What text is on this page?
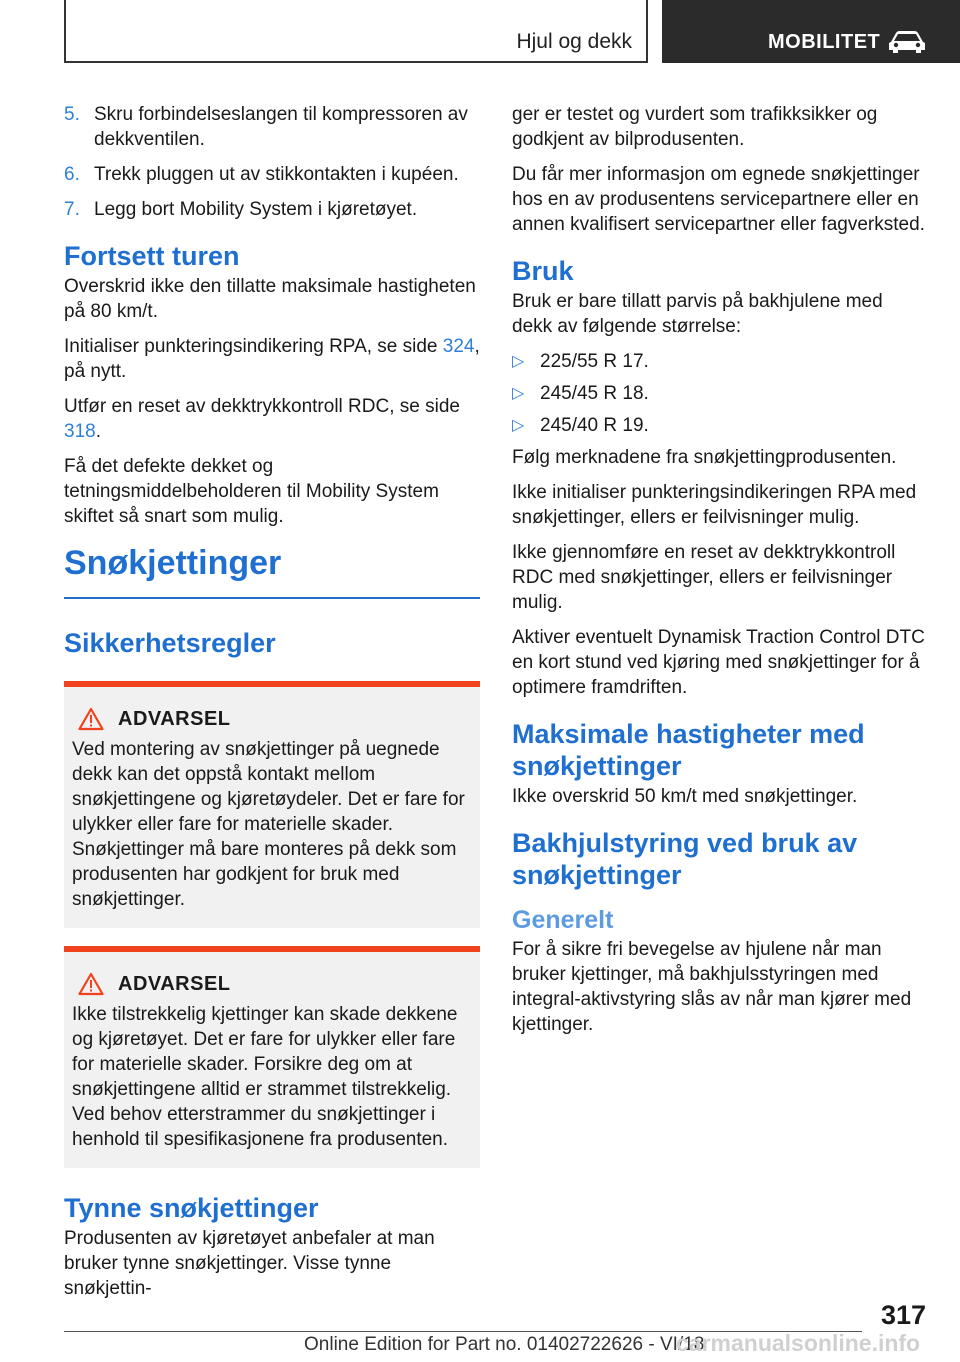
Hjul og dekk	MOBILITET
5. Skru forbindelseslangen til kompressoren av dekkventilen.
6. Trekk pluggen ut av stikkontakten i kupéen.
7. Legg bort Mobility System i kjøretøyet.
Fortsett turen

Overskrid ikke den tillatte maksimale hastigheten på 80 km/t.

Initialiser punkteringsindikering RPA, se side 324, på nytt.

Utfør en reset av dekktrykkontroll RDC, se side 318.

Få det defekte dekket og tetningsmiddelbeholderen til Mobility System skiftet så snart som mulig.

Snøkjettinger
Sikkerhetsregler
ADVARSEL
Ved montering av snøkjettinger på uegnede dekk kan det oppstå kontakt mellom snøkjettingene og kjøretøydeler. Det er fare for ulykker eller fare for materielle skader. Snøkjettinger må bare monteres på dekk som produsenten har godkjent for bruk med snøkjettinger.
ADVARSEL
Ikke tilstrekkelig kjettinger kan skade dekkene og kjøretøyet. Det er fare for ulykker eller fare for materielle skader. Forsikre deg om at snøkjettingene alltid er strammet tilstrekkelig. Ved behov etterstrammer du snøkjettinger i henhold til spesifikasjonene fra produsenten.
Tynne snøkjettinger

Produsenten av kjøretøyet anbefaler at man bruker tynne snøkjettinger. Visse tynne snøkjettin-

ger er testet og vurdert som trafikksikker og godkjent av bilprodusenten.

Du får mer informasjon om egnede snøkjettinger hos en av produsentens servicepartnere eller en annen kvalifisert servicepartner eller fagverksted.

Bruk

Bruk er bare tillatt parvis på bakhjulene med dekk av følgende størrelse:

▷ 225/55 R 17.
▷ 245/45 R 18.
▷ 245/40 R 19.

Følg merknadene fra snøkjettingprodusenten.

Ikke initialiser punkteringsindikeringen RPA med snøkjettinger, ellers er feilvisninger mulig.

Ikke gjennomføre en reset av dekktrykkontroll RDC med snøkjettinger, ellers er feilvisninger mulig.

Aktiver eventuelt Dynamisk Traction Control DTC en kort stund ved kjøring med snøkjettinger for å optimere framdriften.

Maksimale hastigheter med snøkjettinger

Ikke overskrid 50 km/t med snøkjettinger.

Bakhjulstyring ved bruk av snøkjettinger
Generelt

For å sikre fri bevegelse av hjulene når man bruker kjettinger, må bakhjulsstyringen med integral-aktivstyring slås av når man kjører med kjettinger.

317
Online Edition for Part no. 01402722626 - VI/18
carmanualsonline.info
